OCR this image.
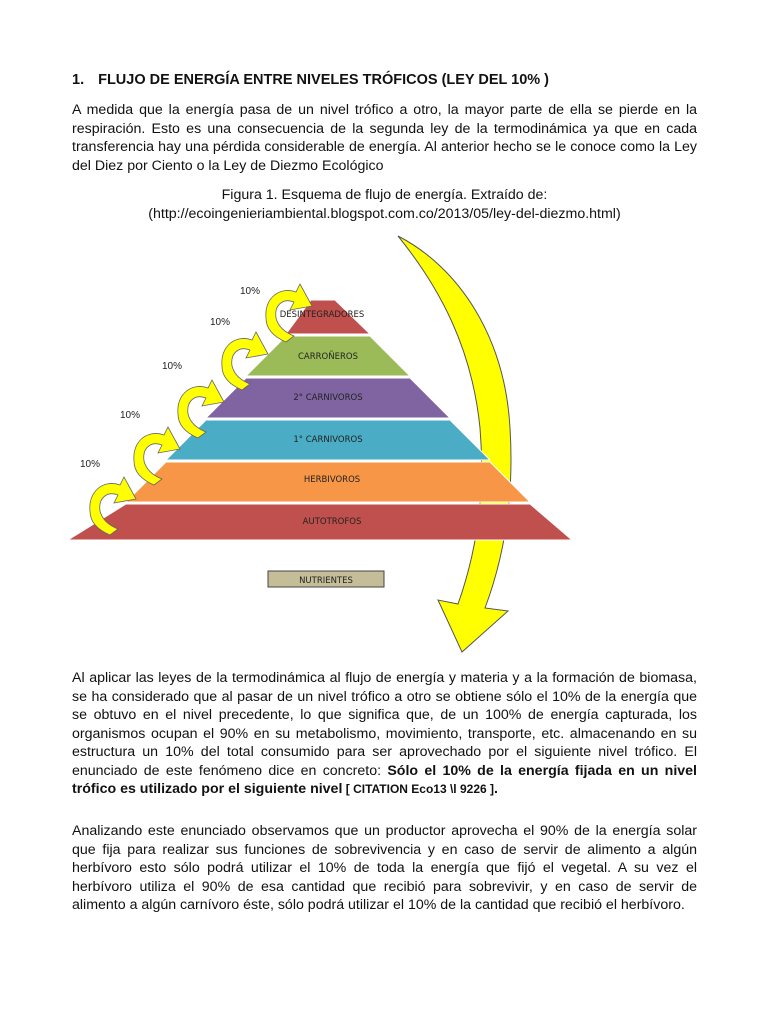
1. FLUJO DE ENERGÍA ENTRE NIVELES TRÓFICOS (LEY DEL 10% )
A medida que la energía pasa de un nivel trófico a otro, la mayor parte de ella se pierde en la respiración. Esto es una consecuencia de la segunda ley de la termodinámica ya que en cada transferencia hay una pérdida considerable de energía. Al anterior hecho se le conoce como la Ley del Diez por Ciento o la Ley de Diezmo Ecológico
Figura 1. Esquema de flujo de energía. Extraído de:
(http://ecoingenieriambiental.blogspot.com.co/2013/05/ley-del-diezmo.html)
DESINTEGRADORES
CARROÑEROS
2° CARNIVOROS
1° CARNIVOROS
HERBIVOROS
AUTOTROFOS
10%
10%
10%
10%
10%
NUTRIENTES
Al aplicar las leyes de la termodinámica al flujo de energía y materia y a la formación de biomasa, se ha considerado que al pasar de un nivel trófico a otro se obtiene sólo el 10% de la energía que se obtuvo en el nivel precedente, lo que significa que, de un 100% de energía capturada, los organismos ocupan el 90% en su metabolismo, movimiento, transporte, etc. almacenando en su estructura un 10% del total consumido para ser aprovechado por el siguiente nivel trófico. El enunciado de este fenómeno dice en concreto: Sólo el 10% de la energía fijada en un nivel trófico es utilizado por el siguiente nivel [ CITATION Eco13 \l 9226 ].
Analizando este enunciado observamos que un productor aprovecha el 90% de la energía solar que fija para realizar sus funciones de sobrevivencia y en caso de servir de alimento a algún herbívoro esto sólo podrá utilizar el 10% de toda la energía que fijó el vegetal. A su vez el herbívoro utiliza el 90% de esa cantidad que recibió para sobrevivir, y en caso de servir de alimento a algún carnívoro éste, sólo podrá utilizar el 10% de la cantidad que recibió el herbívoro.
